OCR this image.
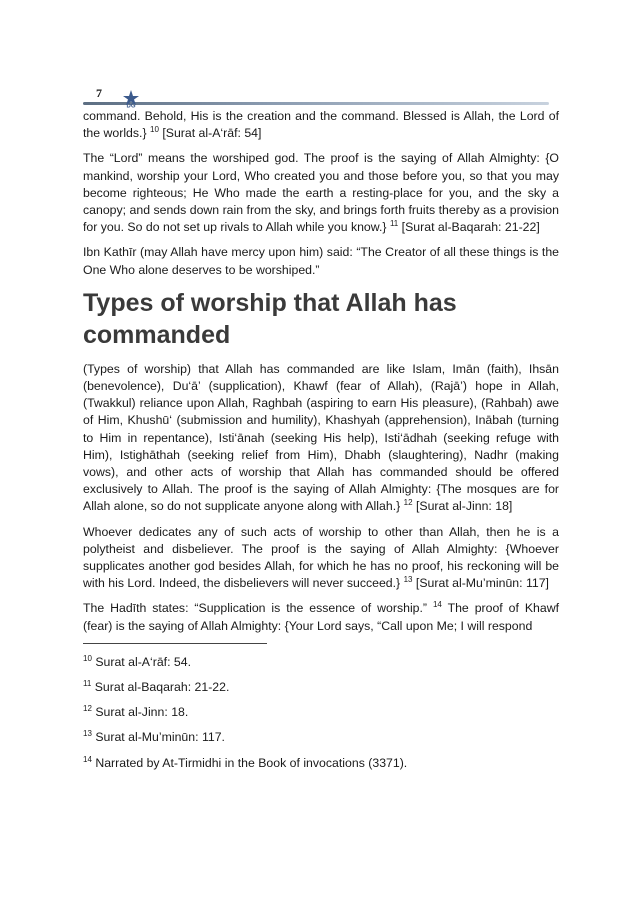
7
DG

command. Behold, His is the creation and the command. Blessed is Allah, the Lord of the worlds.} $^{10}$ [Surat al-A‘rāf: 54]

The “Lord” means the worshiped god. The proof is the saying of Allah Almighty: {O mankind, worship your Lord, Who created you and those before you, so that you may become righteous; He Who made the earth a resting-place for you, and the sky a canopy; and sends down rain from the sky, and brings forth fruits thereby as a provision for you. So do not set up rivals to Allah while you know.} $^{11}$ [Surat al-Baqarah: 21-22]

Ibn Kathīr (may Allah have mercy upon him) said: “The Creator of all these things is the One Who alone deserves to be worshiped.”

Types of worship that Allah has commanded

(Types of worship) that Allah has commanded are like Islam, Imān (faith), Ihsān (benevolence), Du‘ā’ (supplication), Khawf (fear of Allah), (Rajā’) hope in Allah, (Twakkul) reliance upon Allah, Raghbah (aspiring to earn His pleasure), (Rahbah) awe of Him, Khushū‘ (submission and humility), Khashyah (apprehension), Inābah (turning to Him in repentance), Isti‘ānah (seeking His help), Isti‘ādhah (seeking refuge with Him), Istighāthah (seeking relief from Him), Dhabh (slaughtering), Nadhr (making vows), and other acts of worship that Allah has commanded should be offered exclusively to Allah. The proof is the saying of Allah Almighty: {The mosques are for Allah alone, so do not supplicate anyone along with Allah.} $^{12}$ [Surat al-Jinn: 18]

Whoever dedicates any of such acts of worship to other than Allah, then he is a polytheist and disbeliever. The proof is the saying of Allah Almighty: {Whoever supplicates another god besides Allah, for which he has no proof, his reckoning will be with his Lord. Indeed, the disbelievers will never succeed.} $^{13}$ [Surat al-Mu’minūn: 117]

The Hadīth states: “Supplication is the essence of worship.” $^{14}$ The proof of Khawf (fear) is the saying of Allah Almighty: {Your Lord says, “Call upon Me; I will respond

$^{10}$ Surat al-A‘rāf: 54.

$^{11}$ Surat al-Baqarah: 21-22.

$^{12}$ Surat al-Jinn: 18.

$^{13}$ Surat al-Mu’minūn: 117.

$^{14}$ Narrated by At-Tirmidhi in the Book of invocations (3371).
